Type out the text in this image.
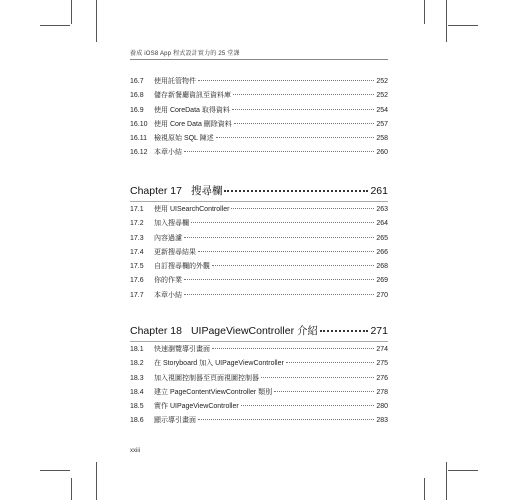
養成 iOS8 App 程式設計實力的 25 堂課
16.7	使用託管物件	252
16.8	儲存新餐廳資訊至資料庫	252
16.9	使用 CoreData 取得資料	254
16.10 使用 Core Data 刪除資料	257
16.11	檢視原始 SQL 陳述	258
16.12 本章小結	260
Chapter 17 搜尋欄	261
17.1	使用 UISearchController	263
17.2	加入搜尋欄	264
17.3	內容過濾	265
17.4	更新搜尋結果	266
17.5	自訂搜尋欄的外觀	268
17.6	你的作業	269
17.7	本章小結	270
Chapter 18 UIPageViewController 介紹	271
18.1	快速瀏覽導引畫面	274
18.2	在 Storyboard 加入 UIPageViewController	275
18.3	加入視圖控制器至頁面視圖控制器	276
18.4	建立 PageContentViewController 類別	278
18.5	實作 UIPageViewController	280
18.6	顯示導引畫面	283
xxiii
